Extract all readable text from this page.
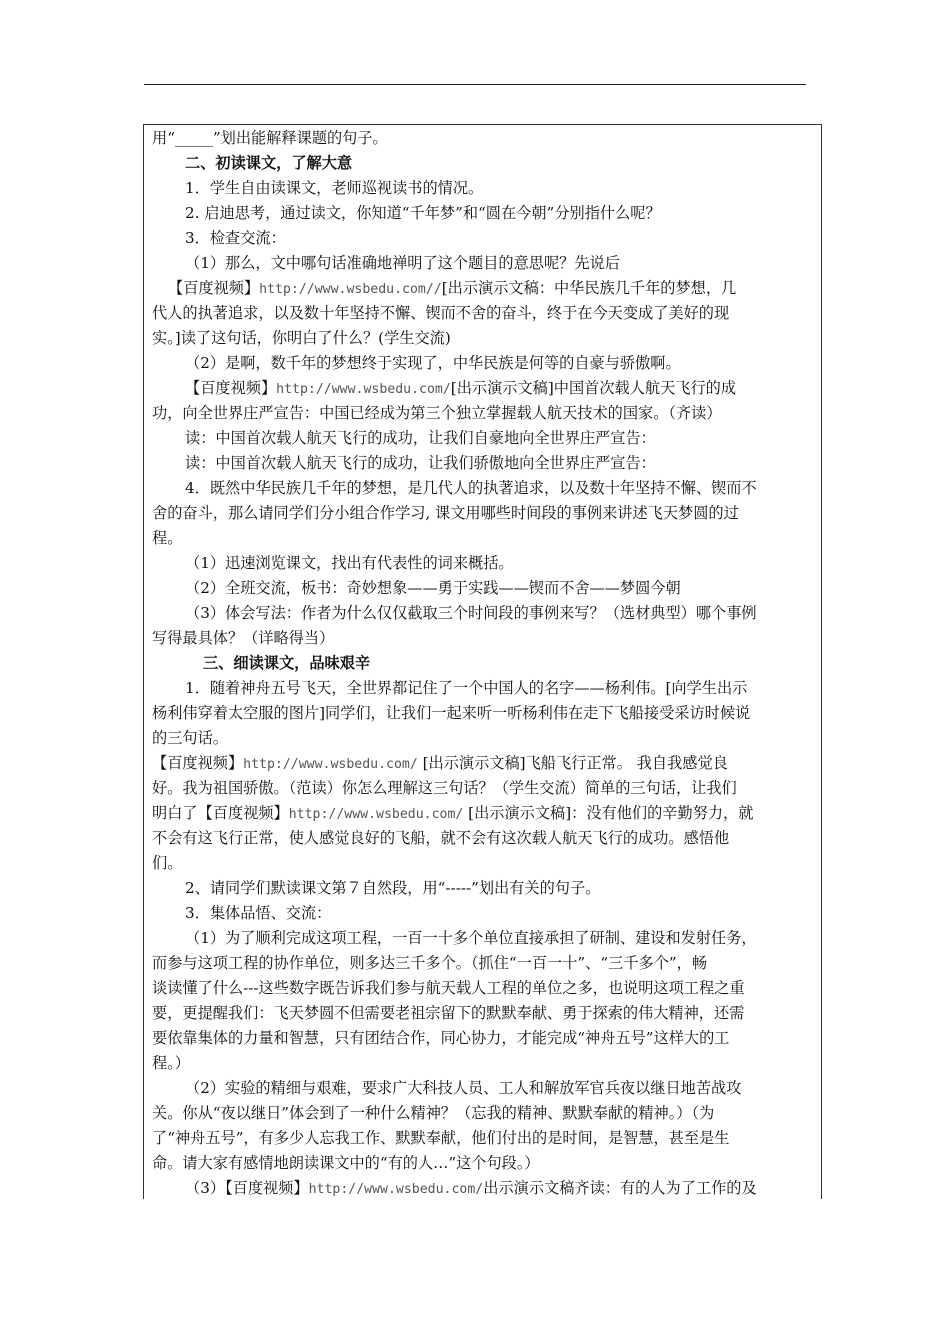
用“_____”划出能解释课题的句子。
二、初读课文，了解大意
1．学生自由读课文，老师巡视读书的情况。
2. 启迪思考，通过读文，你知道“千年梦”和“圆在今朝”分别指什么呢？
3．检查交流：
（1）那么，文中哪句话准确地禅明了这个题目的意思呢？先说后
【百度视频】http://www.wsbedu.com//[出示演示文稿：中华民族几千年的梦想，几
代人的执著追求，以及数十年坚持不懈、锲而不舍的奋斗，终于在今天变成了美好的现
实。]读了这句话，你明白了什么？(学生交流)
（2）是啊，数千年的梦想终于实现了，中华民族是何等的自豪与骄傲啊。
【百度视频】http://www.wsbedu.com/[出示演示文稿]中国首次载人航天飞行的成
功，向全世界庄严宣告：中国已经成为第三个独立掌握载人航天技术的国家。（齐读）
读：中国首次载人航天飞行的成功，让我们自豪地向全世界庄严宣告：
读：中国首次载人航天飞行的成功，让我们骄傲地向全世界庄严宣告：
4．既然中华民族几千年的梦想，是几代人的执著追求，以及数十年坚持不懈、锲而不
舍的奋斗，那么请同学们分小组合作学习, 课文用哪些时间段的事例来讲述飞天梦圆的过
程。
（1）迅速浏览课文，找出有代表性的词来概括。
（2）全班交流，板书：奇妙想象——勇于实践——锲而不舍——梦圆今朝
（3）体会写法：作者为什么仅仅截取三个时间段的事例来写？（选材典型）哪个事例
写得最具体？（详略得当）
三、细读课文，品味艰辛
1．随着神舟五号飞天，全世界都记住了一个中国人的名字——杨利伟。[向学生出示
杨利伟穿着太空服的图片]同学们，让我们一起来听一听杨利伟在走下飞船接受采访时候说
的三句话。
【百度视频】http://www.wsbedu.com/ [出示演示文稿]飞船飞行正常。 我自我感觉良
好。我为祖国骄傲。（范读）你怎么理解这三句话？（学生交流）简单的三句话，让我们
明白了【百度视频】http://www.wsbedu.com/ [出示演示文稿]：没有他们的辛勤努力，就
不会有这飞行正常，使人感觉良好的飞船，就不会有这次载人航天飞行的成功。感悟他
们。
2、请同学们默读课文第７自然段，用“-----”划出有关的句子。
3．集体品悟、交流：
（1）为了顺利完成这项工程，一百一十多个单位直接承担了研制、建设和发射任务，
而参与这项工程的协作单位，则多达三千多个。（抓住“一百一十”、“三千多个”，畅
谈读懂了什么---这些数字既告诉我们参与航天载人工程的单位之多，也说明这项工程之重
要，更提醒我们：飞天梦圆不但需要老祖宗留下的默默奉献、勇于探索的伟大精神，还需
要依靠集体的力量和智慧，只有团结合作，同心协力，才能完成“神舟五号”这样大的工
程。）
（2）实验的精细与艰难，要求广大科技人员、工人和解放军官兵夜以继日地苦战攻
关。你从“夜以继日”体会到了一种什么精神？（忘我的精神、默默奉献的精神。）（为
了“神舟五号”，有多少人忘我工作、默默奉献，他们付出的是时间，是智慧，甚至是生
命。请大家有感情地朗读课文中的“有的人…”这个句段。）
（3）【百度视频】http://www.wsbedu.com/出示演示文稿齐读：有的人为了工作的及
